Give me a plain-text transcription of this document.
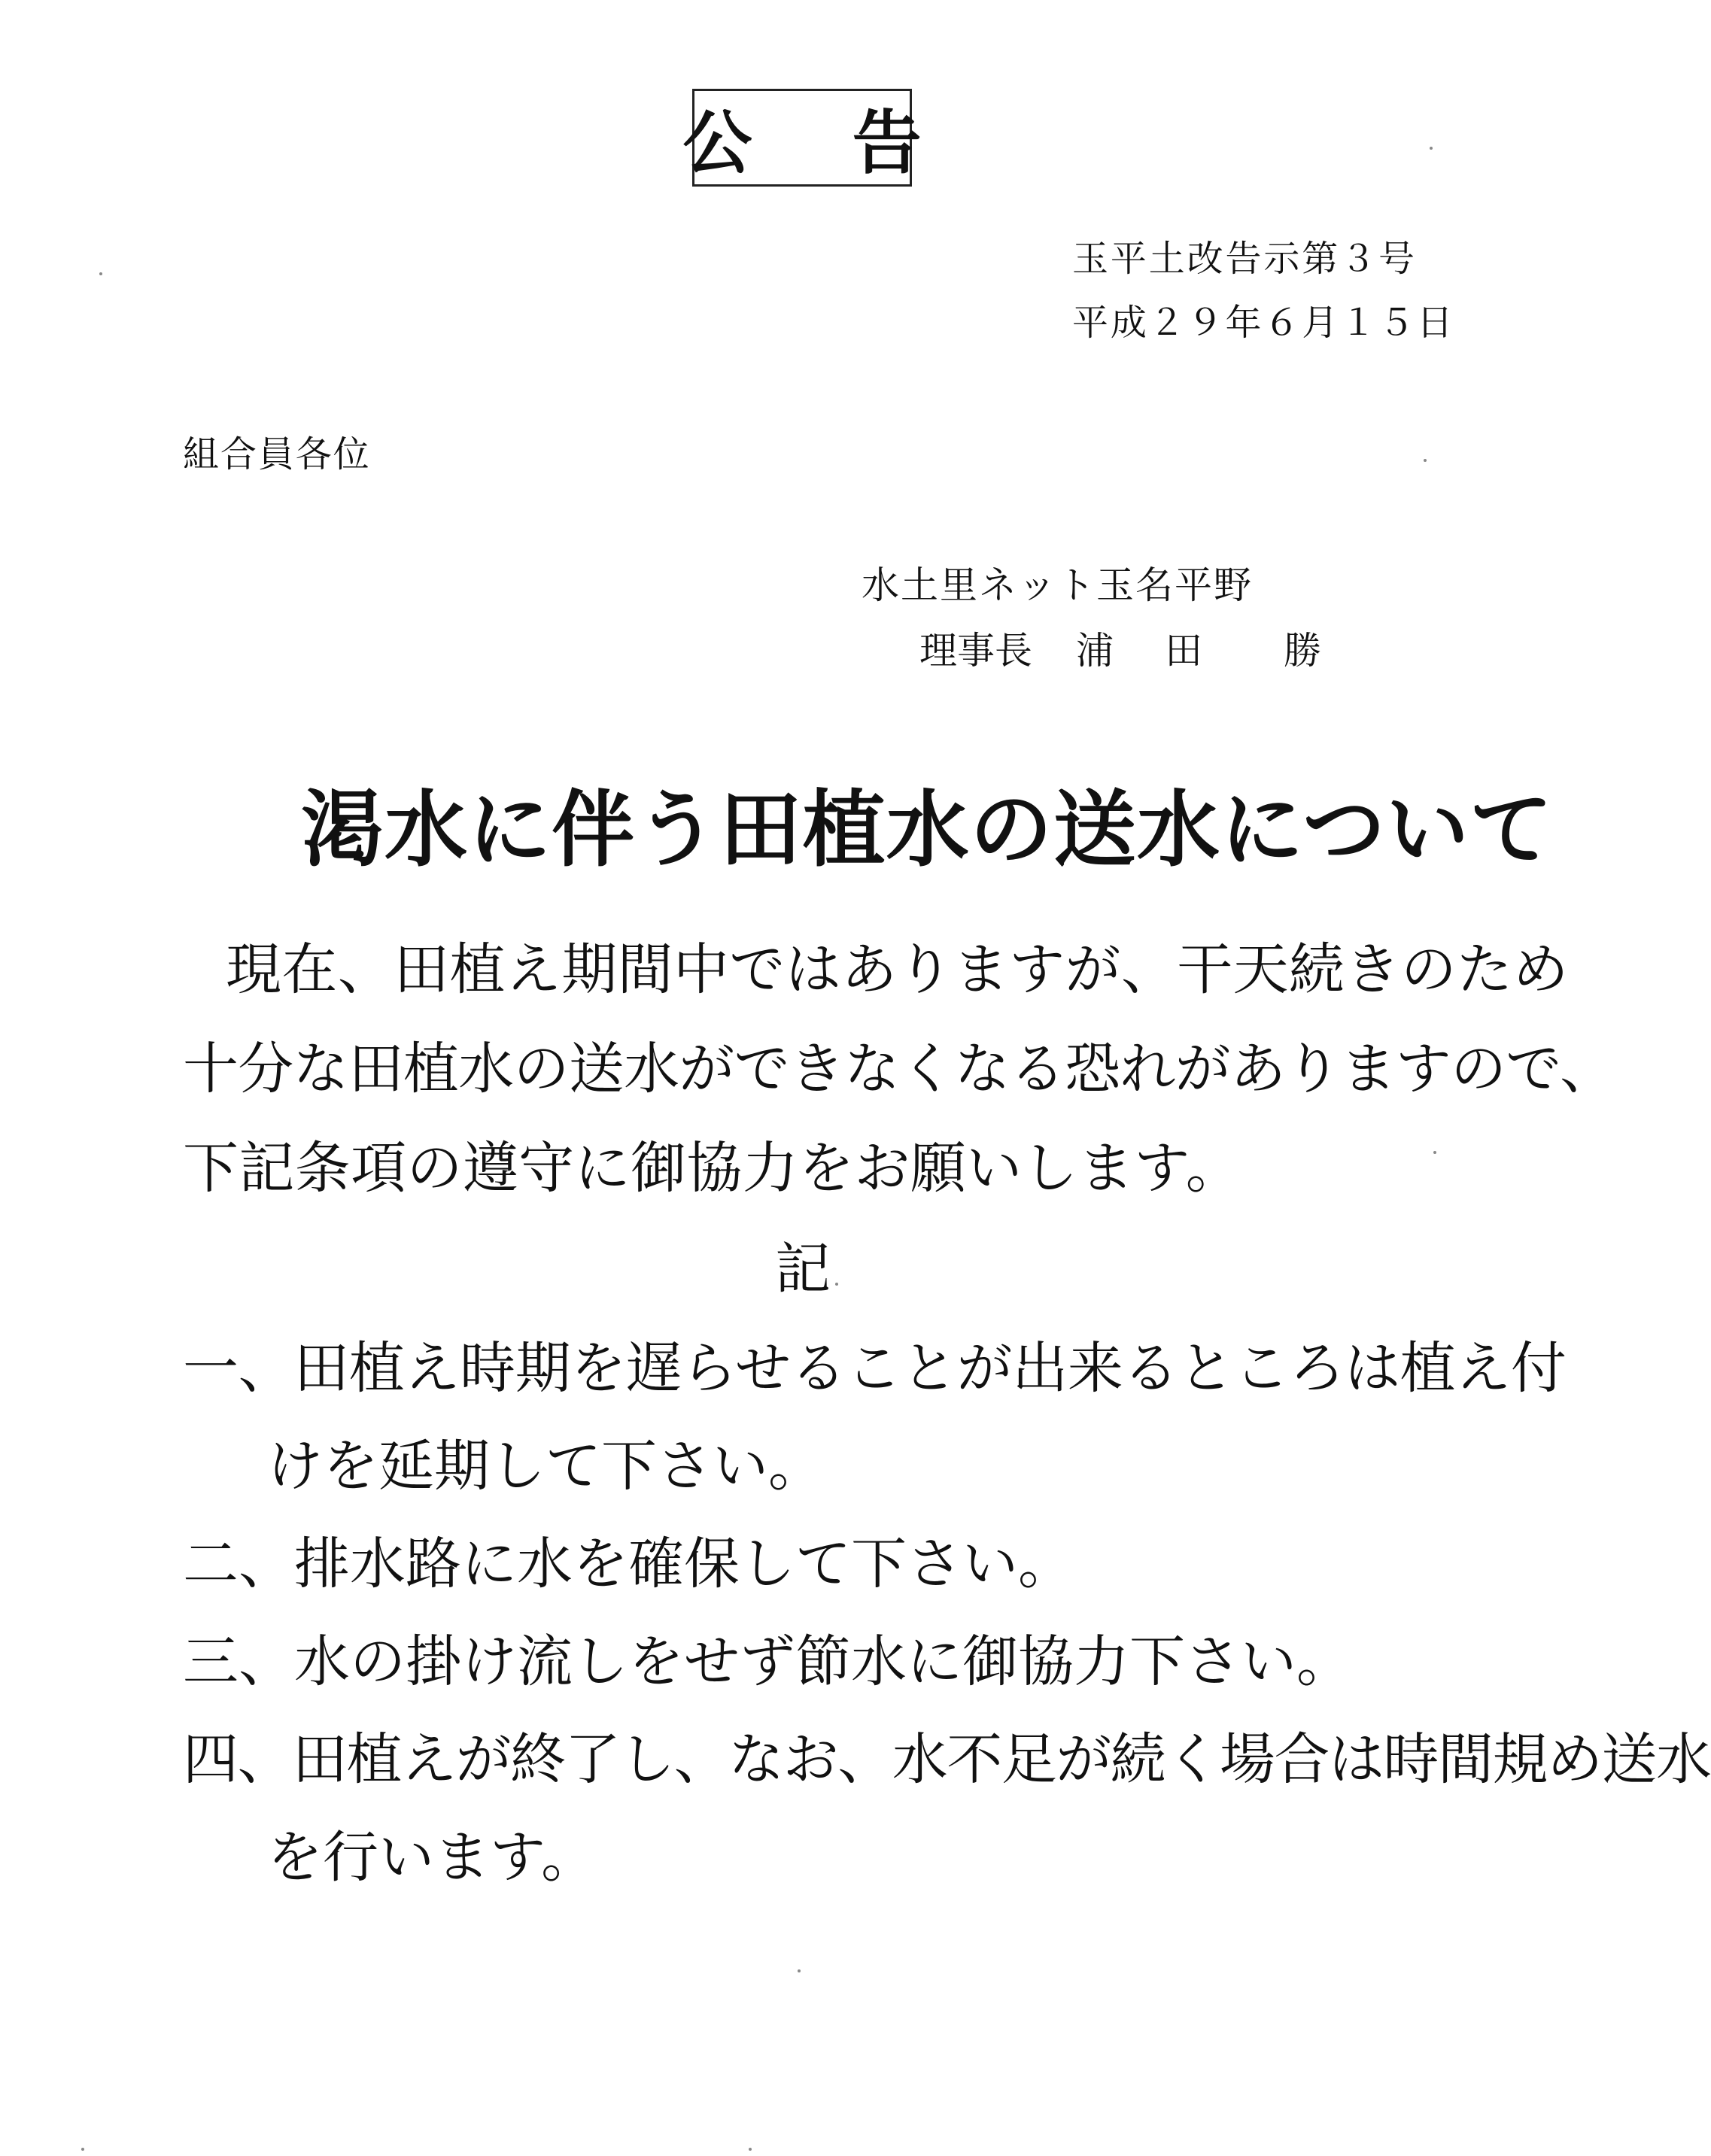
公 告
玉平土改告示第３号
平成２９年６月１５日
組合員各位
水土里ネット玉名平野
理事長 浦 田 勝
渇水に伴う田植水の送水について
現在、田植え期間中ではありますが、干天続きのため
十分な田植水の送水ができなくなる恐れがありますので、
下記条項の遵守に御協力をお願いします。
記
一、田植え時期を遅らせることが出来るところは植え付
けを延期して下さい。
二、排水路に水を確保して下さい。
三、水の掛け流しをせず節水に御協力下さい。
四、田植えが終了し、なお、水不足が続く場合は時間規め送水
を行います。
